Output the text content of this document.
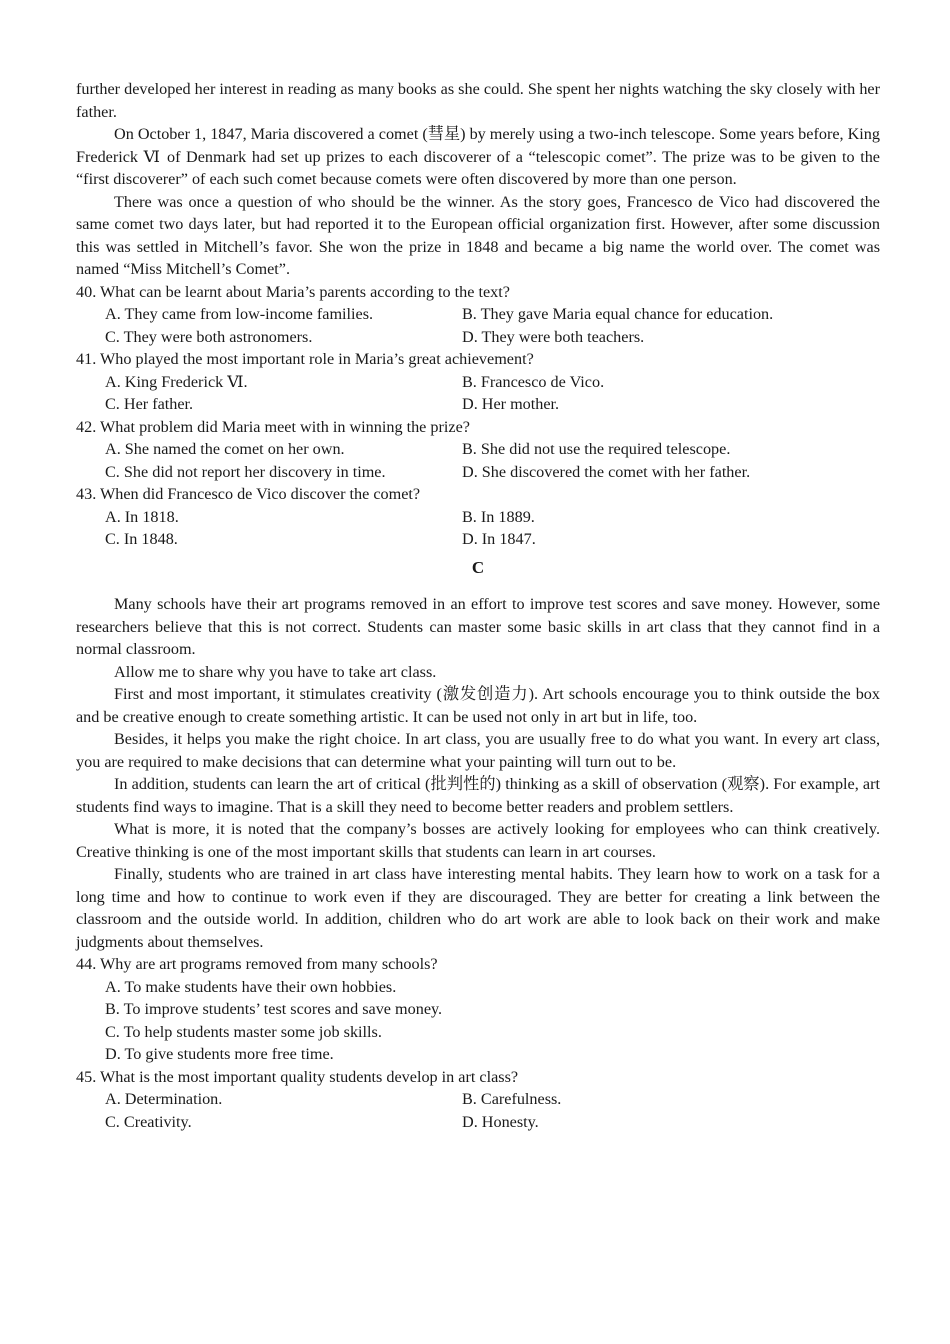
further developed her interest in reading as many books as she could. She spent her nights watching the sky closely with her father.

On October 1, 1847, Maria discovered a comet (彗星) by merely using a two-inch telescope. Some years before, King Frederick Ⅵ of Denmark had set up prizes to each discoverer of a “telescopic comet”. The prize was to be given to the “first discoverer” of each such comet because comets were often discovered by more than one person.

There was once a question of who should be the winner. As the story goes, Francesco de Vico had discovered the same comet two days later, but had reported it to the European official organization first. However, after some discussion this was settled in Mitchell’s favor. She won the prize in 1848 and became a big name the world over. The comet was named “Miss Mitchell’s Comet”.

40. What can be learnt about Maria’s parents according to the text?

A. They came from low-income families.	B. They gave Maria equal chance for education.
C. They were both astronomers.	D. They were both teachers.

41. Who played the most important role in Maria’s great achievement?

A. King Frederick Ⅵ.	B. Francesco de Vico.
C. Her father.	D. Her mother.

42. What problem did Maria meet with in winning the prize?

A. She named the comet on her own.	B. She did not use the required telescope.
C. She did not report her discovery in time.	D. She discovered the comet with her father.

43. When did Francesco de Vico discover the comet?

A. In 1818.	B. In 1889.
C. In 1848.	D. In 1847.
C

Many schools have their art programs removed in an effort to improve test scores and save money. However, some researchers believe that this is not correct. Students can master some basic skills in art class that they cannot find in a normal classroom.

Allow me to share why you have to take art class.

First and most important, it stimulates creativity (激发创造力). Art schools encourage you to think outside the box and be creative enough to create something artistic. It can be used not only in art but in life, too.

Besides, it helps you make the right choice. In art class, you are usually free to do what you want. In every art class, you are required to make decisions that can determine what your painting will turn out to be.

In addition, students can learn the art of critical (批判性的) thinking as a skill of observation (观察). For example, art students find ways to imagine. That is a skill they need to become better readers and problem settlers.

What is more, it is noted that the company’s bosses are actively looking for employees who can think creatively. Creative thinking is one of the most important skills that students can learn in art courses.

Finally, students who are trained in art class have interesting mental habits. They learn how to work on a task for a long time and how to continue to work even if they are discouraged. They are better for creating a link between the classroom and the outside world. In addition, children who do art work are able to look back on their work and make judgments about themselves.

44. Why are art programs removed from many schools?

A. To make students have their own hobbies.
B. To improve students’ test scores and save money.
C. To help students master some job skills.
D. To give students more free time.

45. What is the most important quality students develop in art class?

A. Determination.	B. Carefulness.
C. Creativity.	D. Honesty.
